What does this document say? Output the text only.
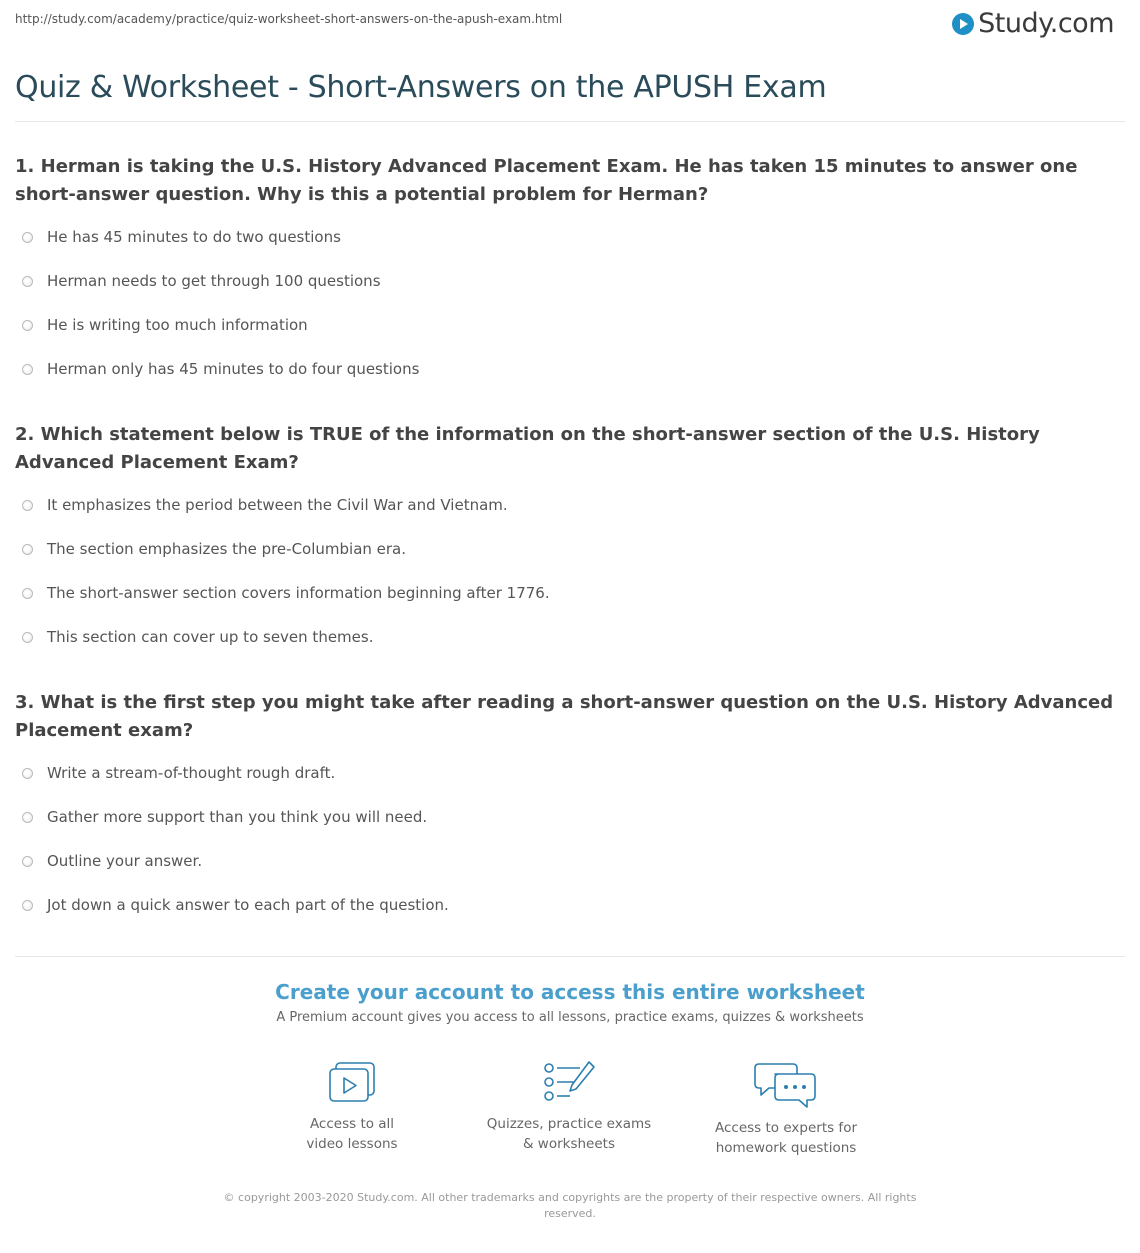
http://study.com/academy/practice/quiz-worksheet-short-answers-on-the-apush-exam.html	Study.com
Quiz & Worksheet - Short-Answers on the APUSH Exam
1. Herman is taking the U.S. History Advanced Placement Exam. He has taken 15 minutes to answer one short-answer question. Why is this a potential problem for Herman?
He has 45 minutes to do two questions
Herman needs to get through 100 questions
He is writing too much information
Herman only has 45 minutes to do four questions
2. Which statement below is TRUE of the information on the short-answer section of the U.S. History Advanced Placement Exam?
It emphasizes the period between the Civil War and Vietnam.
The section emphasizes the pre-Columbian era.
The short-answer section covers information beginning after 1776.
This section can cover up to seven themes.
3. What is the first step you might take after reading a short-answer question on the U.S. History Advanced Placement exam?
Write a stream-of-thought rough draft.
Gather more support than you think you will need.
Outline your answer.
Jot down a quick answer to each part of the question.
Create your account to access this entire worksheet
A Premium account gives you access to all lessons, practice exams, quizzes & worksheets
Access to all
video lessons
Quizzes, practice exams
& worksheets
Access to experts for
homework questions
© copyright 2003-2020 Study.com. All other trademarks and copyrights are the property of their respective owners. All rights reserved.
